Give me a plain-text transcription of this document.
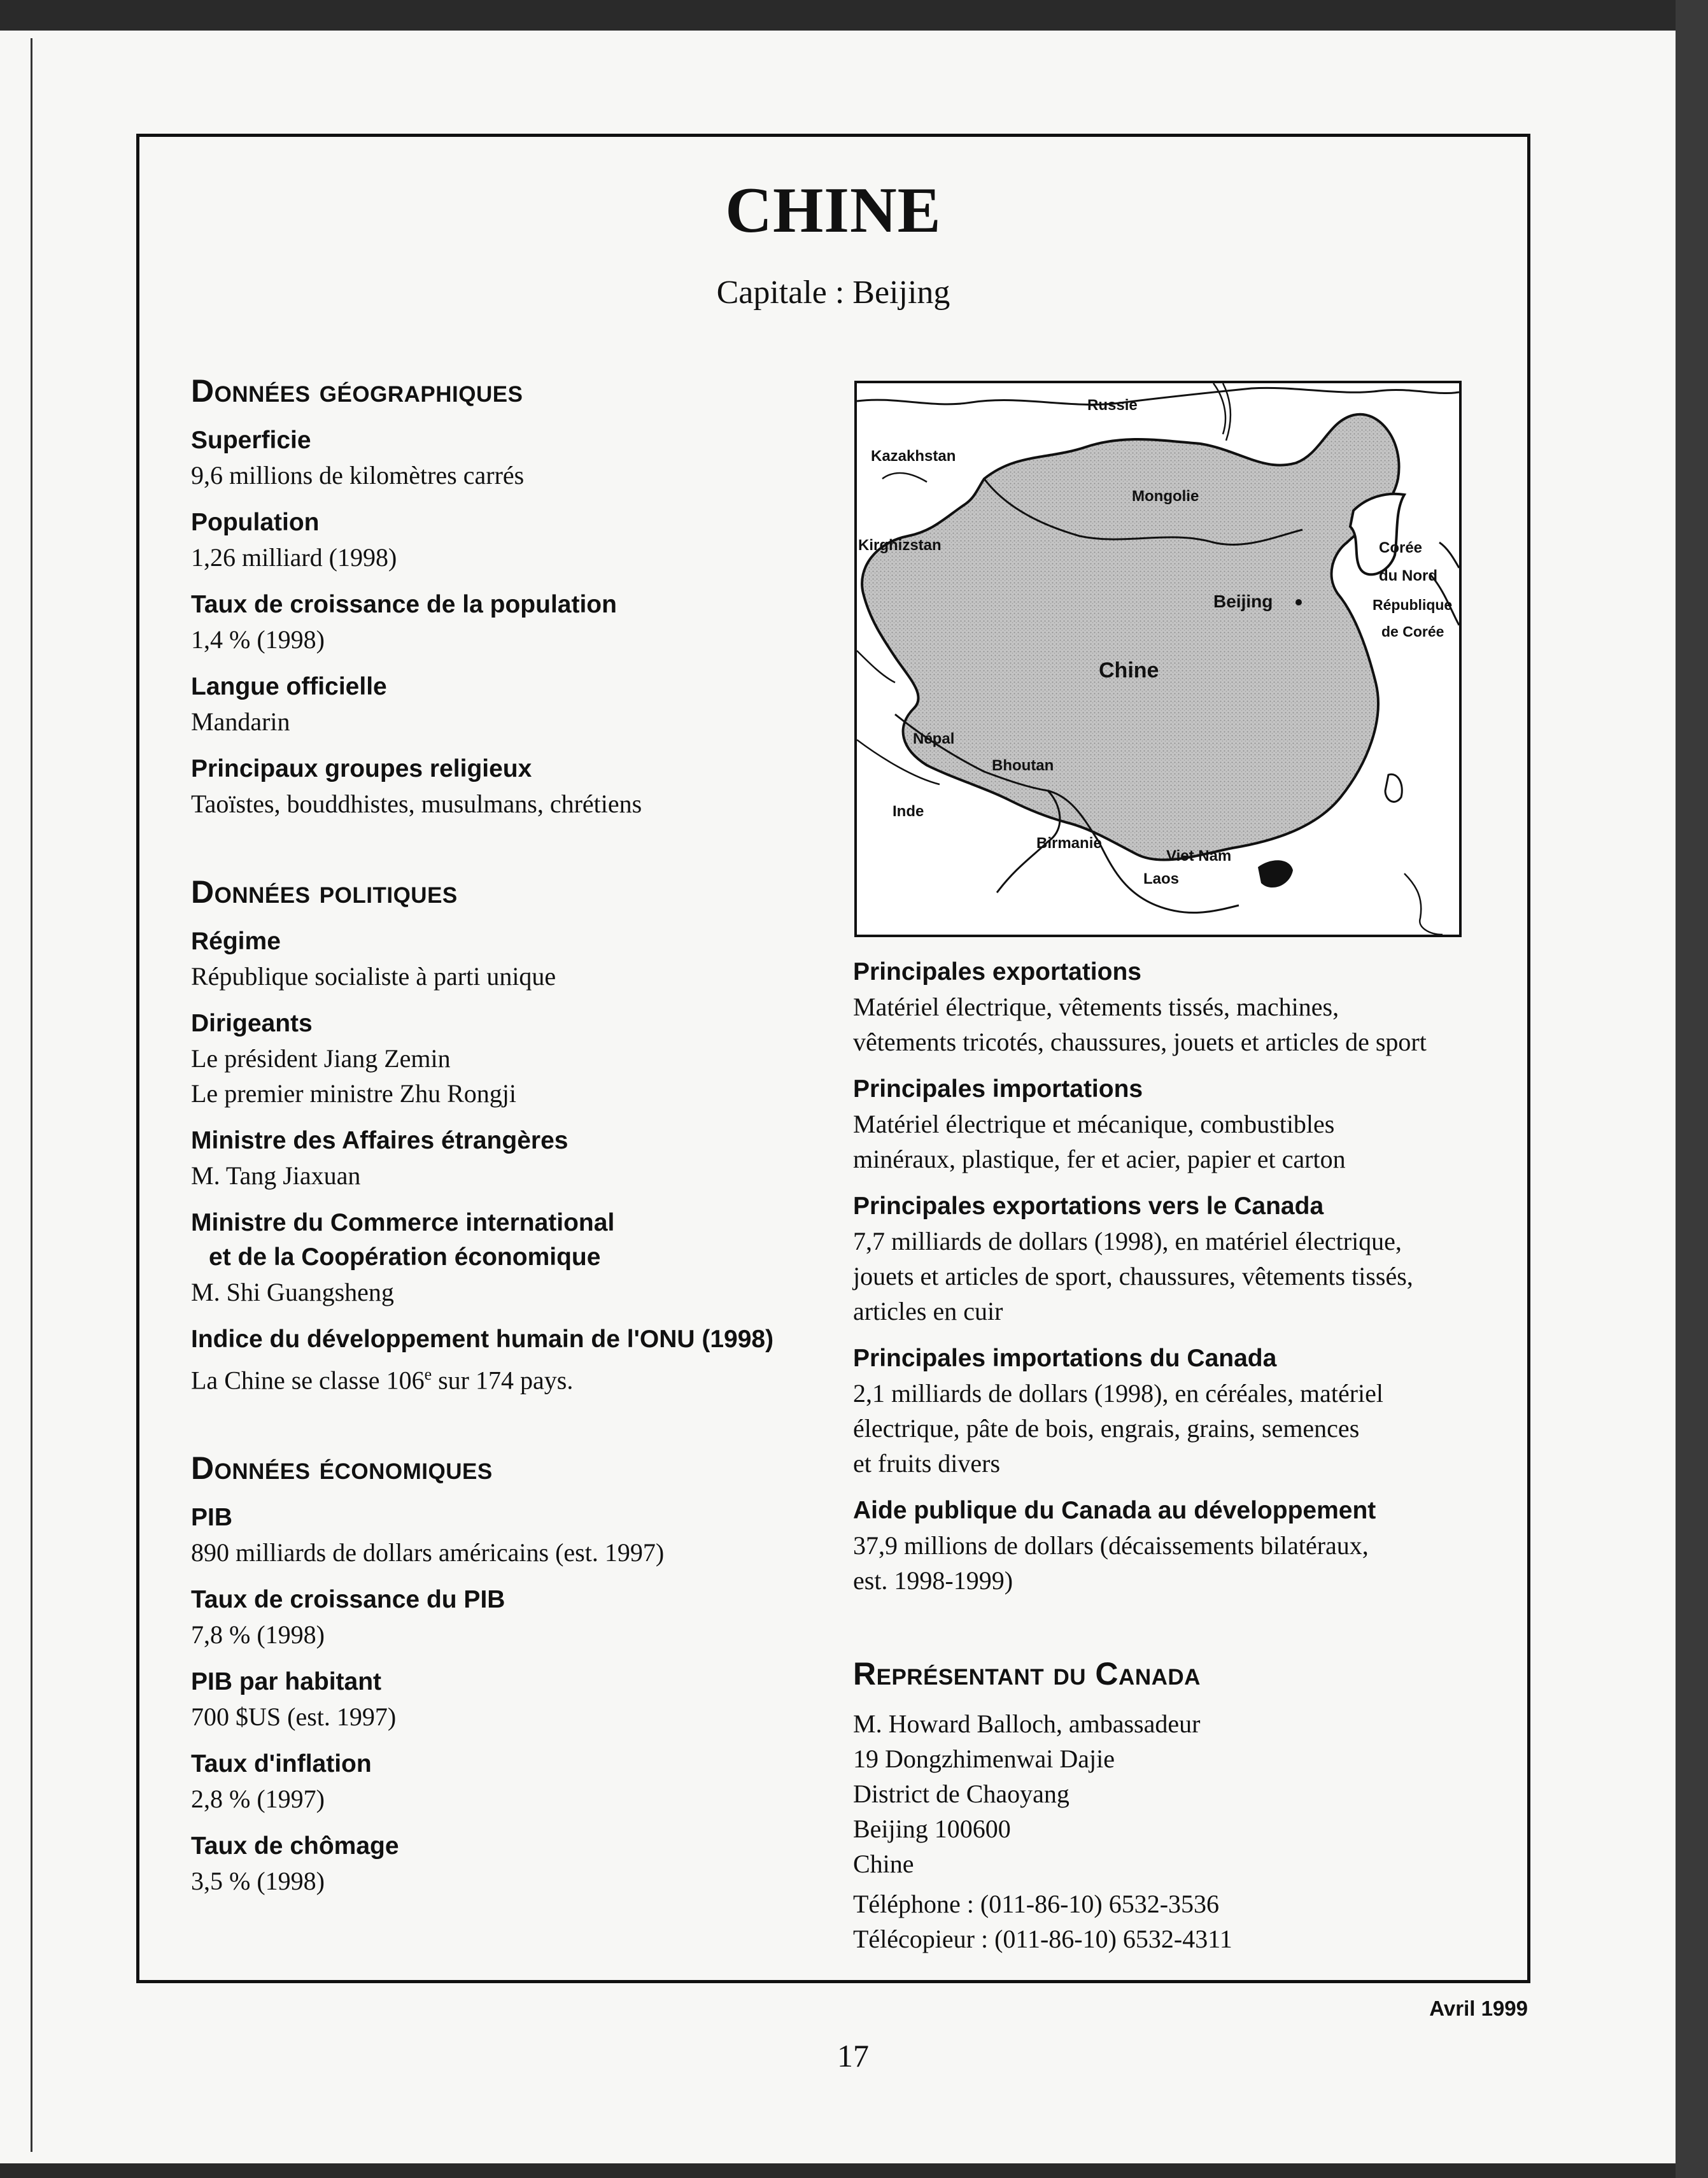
CHINE
Capitale : Beijing
Données géographiques
Superficie
9,6 millions de kilomètres carrés
Population
1,26 milliard (1998)
Taux de croissance de la population
1,4 % (1998)
Langue officielle
Mandarin
Principaux groupes religieux
Taoïstes, bouddhistes, musulmans, chrétiens
Données politiques
Régime
République socialiste à parti unique
Dirigeants
Le président Jiang Zemin
Le premier ministre Zhu Rongji
Ministre des Affaires étrangères
M. Tang Jiaxuan
Ministre du Commerce international
et de la Coopération économique
M. Shi Guangsheng
Indice du développement humain de l'ONU (1998)
La Chine se classe 106e sur 174 pays.
Données économiques
PIB
890 milliards de dollars américains (est. 1997)
Taux de croissance du PIB
7,8 % (1998)
PIB par habitant
700 $US (est. 1997)
Taux d'inflation
2,8 % (1997)
Taux de chômage
3,5 % (1998)
Russie
Kazakhstan
Mongolie
Kirghizstan	Corée
du Nord
République
de Corée
Beijing
Chine
Népal
Bhoutan
Inde
Birmanie
Viet Nam
Laos
Principales exportations
Matériel électrique, vêtements tissés, machines,
vêtements tricotés, chaussures, jouets et articles de sport
Principales importations
Matériel électrique et mécanique, combustibles
minéraux, plastique, fer et acier, papier et carton
Principales exportations vers le Canada
7,7 milliards de dollars (1998), en matériel électrique,
jouets et articles de sport, chaussures, vêtements tissés,
articles en cuir
Principales importations du Canada
2,1 milliards de dollars (1998), en céréales, matériel
électrique, pâte de bois, engrais, grains, semences
et fruits divers
Aide publique du Canada au développement
37,9 millions de dollars (décaissements bilatéraux,
est. 1998-1999)
Représentant du Canada
M. Howard Balloch, ambassadeur
19 Dongzhimenwai Dajie
District de Chaoyang
Beijing 100600
Chine
Téléphone : (011-86-10) 6532-3536
Télécopieur : (011-86-10) 6532-4311
Avril 1999
17
